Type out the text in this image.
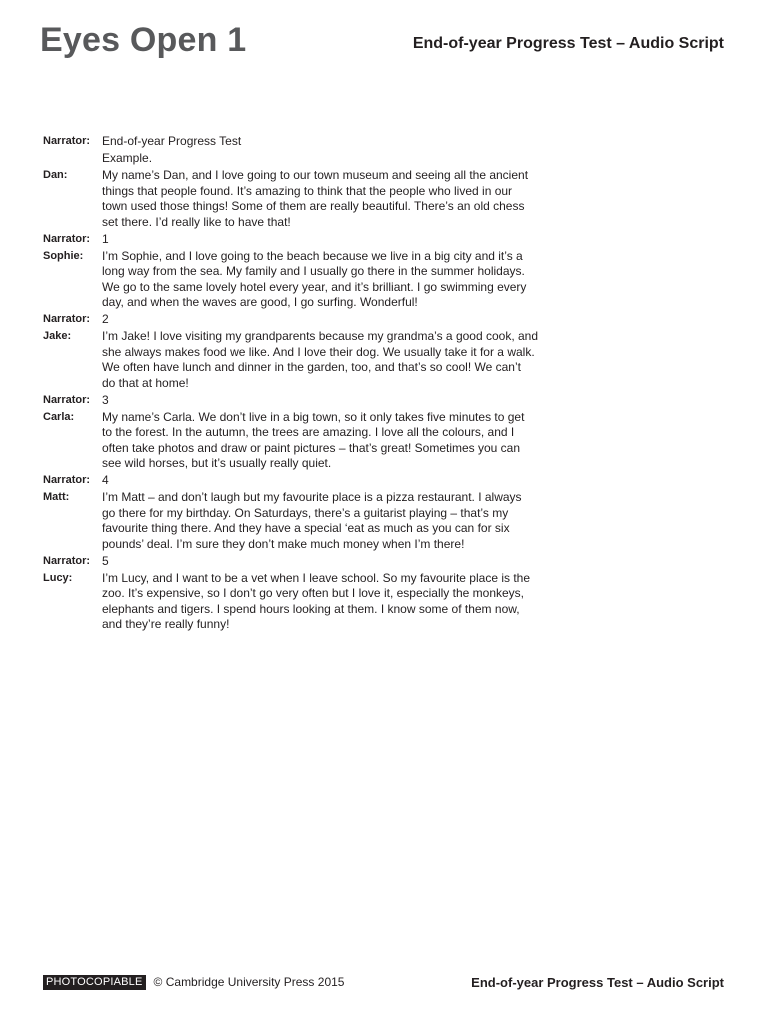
Eyes Open 1	End-of-year Progress Test – Audio Script
Narrator: End-of-year Progress Test
Example.
Dan:	My name’s Dan, and I love going to our town museum and seeing all the ancient
things that people found. It’s amazing to think that the people who lived in our
town used those things! Some of them are really beautiful. There’s an old chess
set there. I’d really like to have that!
Narrator: 1
Sophie:	I’m Sophie, and I love going to the beach because we live in a big city and it’s a
long way from the sea. My family and I usually go there in the summer holidays.
We go to the same lovely hotel every year, and it’s brilliant. I go swimming every
day, and when the waves are good, I go surfing. Wonderful!
Narrator: 2
Jake:	I’m Jake! I love visiting my grandparents because my grandma’s a good cook, and
she always makes food we like. And I love their dog. We usually take it for a walk.
We often have lunch and dinner in the garden, too, and that’s so cool! We can’t
do that at home!
Narrator: 3
Carla:	My name’s Carla. We don’t live in a big town, so it only takes five minutes to get
to the forest. In the autumn, the trees are amazing. I love all the colours, and I
often take photos and draw or paint pictures – that’s great! Sometimes you can
see wild horses, but it’s usually really quiet.
Narrator: 4
Matt:	I’m Matt – and don’t laugh but my favourite place is a pizza restaurant. I always
go there for my birthday. On Saturdays, there’s a guitarist playing – that’s my
favourite thing there. And they have a special ‘eat as much as you can for six
pounds’ deal. I’m sure they don’t make much money when I’m there!
Narrator: 5
Lucy:	I’m Lucy, and I want to be a vet when I leave school. So my favourite place is the
zoo. It’s expensive, so I don’t go very often but I love it, especially the monkeys,
elephants and tigers. I spend hours looking at them. I know some of them now,
and they’re really funny!
PHOTOCOPIABLE © Cambridge University Press 2015	End-of-year Progress Test – Audio Script
